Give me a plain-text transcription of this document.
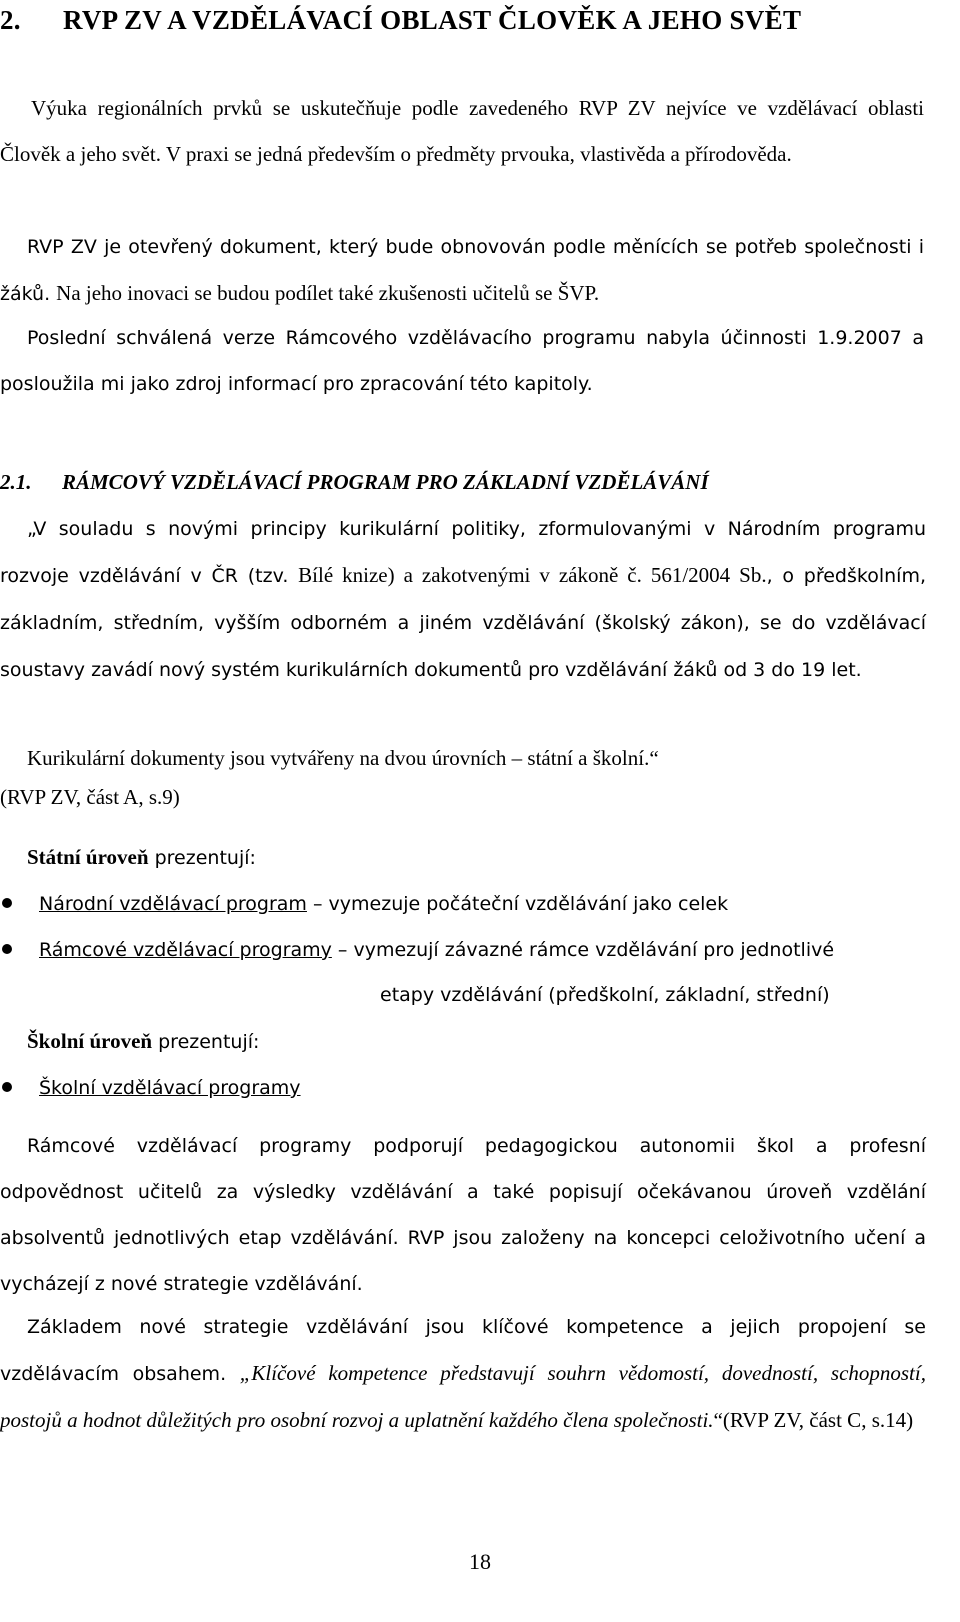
2. RVP ZV A VZDĚLÁVACÍ OBLAST ČLOVĚK A JEHO SVĚT

Výuka regionálních prvků se uskutečňuje podle zavedeného RVP ZV nejvíce ve vzdělávací oblasti Člověk a jeho svět. V praxi se jedná především o předměty prvouka, vlastivěda a přírodověda.

RVP ZV je otevřený dokument, který bude obnovován podle měnících se potřeb společnosti i žáků. Na jeho inovaci se budou podílet také zkušenosti učitelů se ŠVP.

Poslední schválená verze Rámcového vzdělávacího programu nabyla účinnosti 1.9.2007 a posloužila mi jako zdroj informací pro zpracování této kapitoly.

2.1. RÁMCOVÝ VZDĚLÁVACÍ PROGRAM PRO ZÁKLADNÍ VZDĚLÁVÁNÍ

„V souladu s novými principy kurikulární politiky, zformulovanými v Národním programu rozvoje vzdělávání v ČR (tzv. Bílé knize) a zakotvenými v zákoně č. 561/2004 Sb., o předškolním, základním, středním, vyšším odborném a jiném vzdělávání (školský zákon), se do vzdělávací soustavy zavádí nový systém kurikulárních dokumentů pro vzdělávání žáků od 3 do 19 let.

Kurikulární dokumenty jsou vytvářeny na dvou úrovních – státní a školní.“

(RVP ZV, část A, s.9)

Státní úroveň prezentují:

Národní vzdělávací program – vymezuje počáteční vzdělávání jako celek

Rámcové vzdělávací programy – vymezují závazné rámce vzdělávání pro jednotlivé

etapy vzdělávání (předškolní, základní, střední)

Školní úroveň prezentují:

Školní vzdělávací programy

Rámcové vzdělávací programy podporují pedagogickou autonomii škol a profesní odpovědnost učitelů za výsledky vzdělávání a také popisují očekávanou úroveň vzdělání absolventů jednotlivých etap vzdělávání. RVP jsou založeny na koncepci celoživotního učení a vycházejí z nové strategie vzdělávání.

Základem nové strategie vzdělávání jsou klíčové kompetence a jejich propojení se vzdělávacím obsahem. „Klíčové kompetence představují souhrn vědomostí, dovedností, schopností, postojů a hodnot důležitých pro osobní rozvoj a uplatnění každého člena společnosti.“(RVP ZV, část C, s.14)

18
